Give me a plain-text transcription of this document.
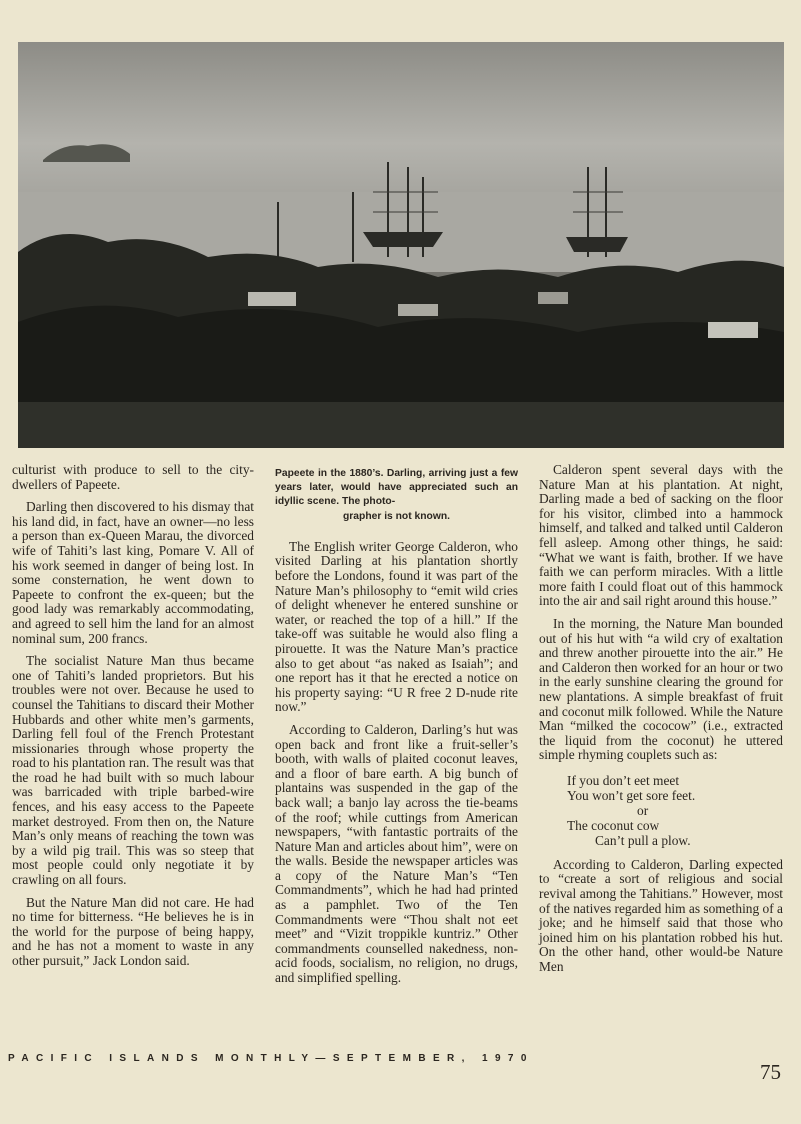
culturist with produce to sell to the city-dwellers of Papeete.

Darling then discovered to his dismay that his land did, in fact, have an owner—no less a person than ex-Queen Marau, the divorced wife of Tahiti’s last king, Pomare V. All of his work seemed in danger of being lost. In some consternation, he went down to Papeete to confront the ex-queen; but the good lady was remarkably accommodating, and agreed to sell him the land for an almost nominal sum, 200 francs.

The socialist Nature Man thus became one of Tahiti’s landed proprietors. But his troubles were not over. Because he used to counsel the Tahitians to discard their Mother Hubbards and other white men’s garments, Darling fell foul of the French Protestant missionaries through whose property the road to his plantation ran. The result was that the road he had built with so much labour was barricaded with triple barbed-wire fences, and his easy access to the Papeete market destroyed. From then on, the Nature Man’s only means of reaching the town was by a wild pig trail. This was so steep that most people could only negotiate it by crawling on all fours.

But the Nature Man did not care. He had no time for bitterness. “He believes he is in the world for the purpose of being happy, and he has not a moment to waste in any other pursuit,” Jack London said.

Papeete in the 1880’s. Darling, arriving just a few years later, would have appreciated such an idyllic scene. The photo-
grapher is not known.

The English writer George Calderon, who visited Darling at his plantation shortly before the Londons, found it was part of the Nature Man’s philosophy to “emit wild cries of delight whenever he entered sunshine or water, or reached the top of a hill.” If the take-off was suitable he would also fling a pirouette. It was the Nature Man’s practice also to get about “as naked as Isaiah”; and one report has it that he erected a notice on his property saying: “U R free 2 D-nude rite now.”

According to Calderon, Darling’s hut was open back and front like a fruit-seller’s booth, with walls of plaited coconut leaves, and a floor of bare earth. A big bunch of plantains was suspended in the gap of the back wall; a banjo lay across the tie-beams of the roof; while cuttings from American newspapers, “with fantastic portraits of the Nature Man and articles about him”, were on the walls. Beside the newspaper articles was a copy of the Nature Man’s “Ten Commandments”, which he had had printed as a pamphlet. Two of the Ten Commandments were “Thou shalt not eet meet” and “Vizit troppikle kuntriz.” Other commandments counselled nakedness, non-acid foods, socialism, no religion, no drugs, and simplified spelling.

Calderon spent several days with the Nature Man at his plantation. At night, Darling made a bed of sacking on the floor for his visitor, climbed into a hammock himself, and talked and talked until Calderon fell asleep. Among other things, he said: “What we want is faith, brother. If we have faith we can perform miracles. With a little more faith I could float out of this hammock into the air and sail right around this house.”

In the morning, the Nature Man bounded out of his hut with “a wild cry of exaltation and threw another pirouette into the air.” He and Calderon then worked for an hour or two in the early sunshine clearing the ground for new plantations. A simple breakfast of fruit and coconut milk followed. While the Nature Man “milked the cococow” (i.e., extracted the liquid from the coconut) he uttered simple rhyming couplets such as:

If you don’t eet meet
You won’t get sore feet.
or
The coconut cow
Can’t pull a plow.

According to Calderon, Darling expected to “create a sort of religious and social revival among the Tahitians.” However, most of the natives regarded him as something of a joke; and he himself said that those who joined him on his plantation robbed his hut. On the other hand, other would-be Nature Men

PACIFIC ISLANDS MONTHLY—SEPTEMBER, 1970
75
